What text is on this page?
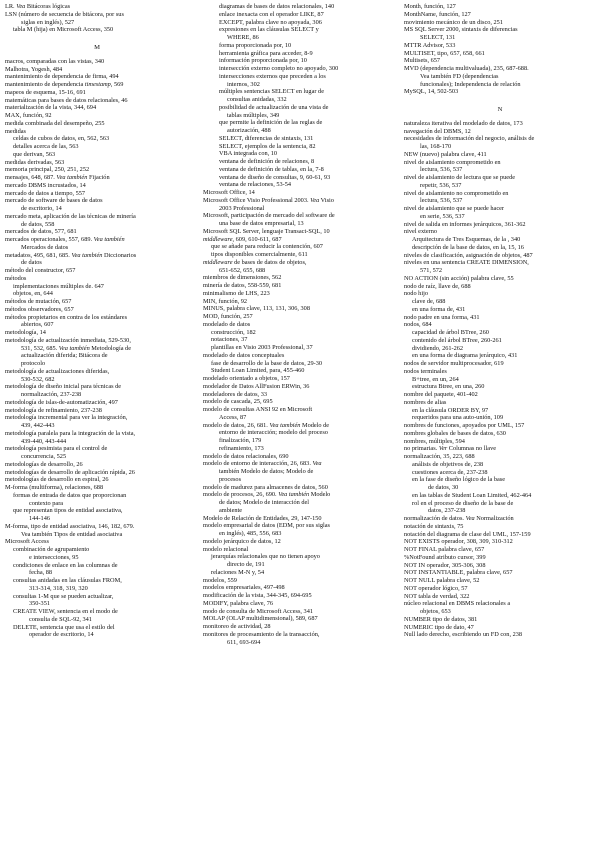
LR. Vea Bitácoras lógicas
LSN (número de secuencia de bitácora, por sus
siglas en inglés), 527
tabla M (hija) en Microsoft Access, 350
M
macros, comparadas con las vistas, 340
Malhotra, Yogesh, 484
mantenimiento de dependencia de firma, 494
mantenimiento de dependencia timestamp, 569
mapeos de esquema, 15-16, 691
matemáticas para bases de datos relacionales, 46
materialización de la vista, 344, 694
MAX, función, 92
medida combinada del desempeño, 255
medidas
celdas de cubos de datos, en, 562, 563
detalles acerca de las, 563
que derivan, 563
medidas derivadas, 563
memoria principal, 250, 251, 252
mensajes, 648, 687. Vea también Fijación
mercado DBMS incrustados, 14
mercado de datos a tiempo, 557
mercado de software de bases de datos
de escritorio, 14
mercado meta, aplicación de las técnicas de minería
de datos, 558
mercados de datos, 577, 681
mercados operacionales, 557, 689. Vea también
Mercados de datos
metadatos, 495, 681, 685. Vea también Diccionarios
de datos
método del constructor, 657
métodos
implementaciones múltiples de. 647
objetos, en, 644
métodos de mutación, 657
métodos observadores, 657
métodos propietarios en contra de los estándares
abiertos, 607
metodología, 14
metodología de actualización inmediata, 529-530,
531, 532, 685. Vea también Metodología de
actualización diferida; Bitácora de
protocolo
metodología de actualizaciones diferidas,
530-532, 682
metodología de diseño inicial para técnicas de
normalización, 237-238
metodología de islas-de-automatización, 497
metodología de refinamiento, 237-238
metodología incremental para ver la integración,
439, 442-443
metodología paralela para la integración de la vista,
439-440, 443-444
metodología pesimista para el control de
concurrencia, 525
metodologías de desarrollo, 26
metodologías de desarrollo de aplicación rápida, 26
metodologías de desarrollo en espiral, 26
M-forma (multiforma), relaciones, 688
formas de entrada de datos que proporcionan
contexto para
que representan tipos de entidad asociativa,
144-146
M-forma, tipo de entidad asociativa, 146, 182, 679.
Vea también Tipos de entidad asociativa
Microsoft Access
combinación de agrupamiento
e intersecciones, 95
condiciones de enlace en las columnas de
fecha, 88
consultas anidadas en las cláusulas FROM,
313-314, 318, 319, 320
consultas 1-M que se pueden actualizar,
350-351
CREATE VIEW, sentencia en el modo de
consulta de SQL-92, 341
DELETE, sentencia que usa el estilo del
operador de escritorio, 14
diagramas de bases de datos relacionales, 140
enlace inexacta con el operador LIKE, 87
EXCEPT, palabra clave no apoyada, 306
expresiones en las cláusulas SELECT y
WHERE, 86
forma proporcionada por, 10
herramienta gráfica para acceder, 8-9
información proporcionada por, 10
intersección externo completo no apoyado, 300
intersecciones externos que preceden a los
internos, 302
múltiples sentencias SELECT en lugar de
consultas anidadas, 332
posibilidad de actualización de una vista de
tablas múltiples, 349
que permite la definición de las reglas de
autorización, 488
SELECT, diferencias de sintaxis, 131
SELECT, ejemplos de la sentencia, 82
VBA integrada con, 10
ventana de definición de relaciones, 8
ventana de definición de tablas, en la, 7-8
ventana de diseño de consultas, 9, 60-61, 93
ventana de relaciones, 53-54
Microsoft Office, 14
Microsoft Office Visio Professional 2003. Vea Visio
2003 Professional
Microsoft, participación de mercado del software de
una base de datos empresarial, 13
Microsoft SQL Server, lenguaje Transact-SQL, 10
middleware, 609, 610-611, 687
que se añade para reducir la contención, 607
tipos disponibles comercialmente, 611
middleware de bases de datos de objetos,
651-652, 655, 688
miembros de dimensiones, 562
minería de datos, 558-559, 681
minimalismo de LHS, 223
MIN, función, 92
MINUS, palabra clave, 113, 131, 306, 308
MOD, función, 257
modelado de datos
construcción, 182
notaciones, 37
plantillas en Visio 2003 Professional, 37
modelado de datos conceptuales
fase de desarrollo de la base de datos, 29-30
Student Loan Limited, para, 455-460
modelado orientado a objetos, 157
modelador de Datos AllFusion ERWin, 36
modeladores de datos, 33
modelo de cascada, 25, 695
modelo de consultas ANSI 92 en Microsoft
Access, 87
modelo de datos, 26, 681. Vea también Modelo de
entorno de interacción; modelo del proceso
finalización, 179
refinamiento, 173
modelo de datos relacionales, 690
modelo de entorno de interacción, 26, 683. Vea
también Modelo de datos; Modelo de
procesos
modelo de madurez para almacenes de datos, 560
modelo de procesos, 26, 690. Vea también Modelo
de datos; Modelo de interacción del
ambiente
Modelo de Relación de Entidades, 29, 147-150
modelo empresarial de datos (EDM, por sus siglas
en inglés), 485, 556, 683
modelo jerárquico de datos, 12
modelo relacional
jerarquías relacionales que no tienen apoyo
directo de, 191
relaciones M-N y, 54
modelos, 559
modelos empresariales, 497-498
modificación de la vista, 344-345, 694-695
MODIFY, palabra clave, 76
modo de consulta de Microsoft Access, 341
MOLAP (OLAP multidimensional), 589, 687
monitoreo de actividad, 28
monitores de procesamiento de la transacción,
611, 693-694
Month, función, 127
MonthName, función, 127
movimiento mecánico de un disco, 251
MS SQL Server 2000, sintaxis de diferencias
SELECT, 131
MTTR Advisor, 533
MULTISET, tipo, 657, 658, 661
Multisets, 657
MVD (dependencia multivaluada), 235, 687-688.
Vea también FD (dependencias
funcionales); Independencia de relación
MySQL, 14, 502-503
N
naturaleza iterativa del modelado de datos, 173
navegación del DBMS, 12
necesidades de información del negocio, análisis de
las, 168-170
NEW (nuevo) palabra clave, 411
nivel de aislamiento comprometido en
lectura, 536, 537
nivel de aislamiento de lectura que se puede
repetir, 536, 537
nivel de aislamiento no comprometido en
lectura, 536, 537
nivel de aislamiento que se puede hacer
en serie, 536, 537
nivel de salida en informes jerárquicos, 361-362
nivel externo
Arquitectura de Tres Esquemas, de la , 340
descripción de la base de datos, en la, 15, 16
niveles de clasificación, asignación de objetos, 487
niveles en una sentencia CREATE DIMENSION,
571, 572
NO ACTION (sin acción) palabra clave, 55
nodo de raíz, llave de, 688
nodo hijo
clave de, 688
en una forma de, 431
nodo padre en una forma, 431
nodos, 684
capacidad de árbol BTree, 260
contenido del árbol BTree, 260-261
dividiendo, 261-262
en una forma de diagrama jerárquico, 431
nodos de servidor multiprocesador, 619
nodos terminales
B+tree, en un, 264
estructura Btree, en una, 260
nombre del paquete, 401-402
nombres de alias
en la cláusula ORDER BY, 97
requeridos para una auto-unión, 109
nombres de funciones, apoyados por UML, 157
nombres globales de bases de datos, 630
nombres, múltiples, 594
no primarias. Ver Columnas no llave
normalización, 35, 223, 688
análisis de objetivos de, 238
cuestiones acerca de, 237-238
en la fase de diseño lógico de la base
de datos, 30
en las tablas de Student Loan Limited, 462-464
rol en el proceso de diseño de la base de
datos, 237-238
normalización de datos. Vea Normalización
notación de sintaxis, 75
notación del diagrama de clase del UML, 157-159
NOT EXISTS operador, 308, 309, 310-312
NOT FINAL palabra clave, 657
%NotFound atributo cursor, 399
NOT IN operador, 305-306, 308
NOT INSTANTIABLE, palabra clave, 657
NOT NULL palabra clave, 52
NOT operador lógico, 57
NOT tabla de verdad, 322
núcleo relacional en DBMS relacionales a
objetos, 653
NUMBER tipo de datos, 381
NUMERIC tipo de dato, 47
Null lado derecho, escribiendo un FD con, 238
